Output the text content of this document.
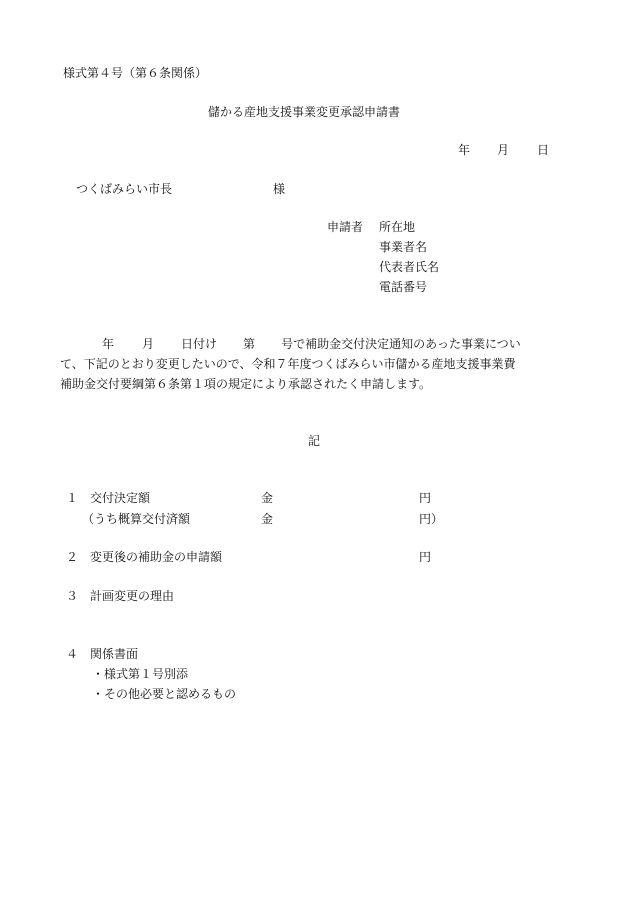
様式第４号（第６条関係）
儲かる産地支援事業変更承認申請書
年 月 日
つくばみらい市長	様
申請者 所在地
事業者名
代表者氏名
電話番号
年 月 日付け 第 号で補助金交付決定通知のあった事業につい
て、下記のとおり変更したいので、令和７年度つくばみらい市儲かる産地支援事業費
補助金交付要綱第６条第１項の規定により承認されたく申請します。
記
１ 交付決定額	金	円
（うち概算交付済額	金	円）
２ 変更後の補助金の申請額	円
３ 計画変更の理由
４ 関係書面
・様式第１号別添
・その他必要と認めるもの
